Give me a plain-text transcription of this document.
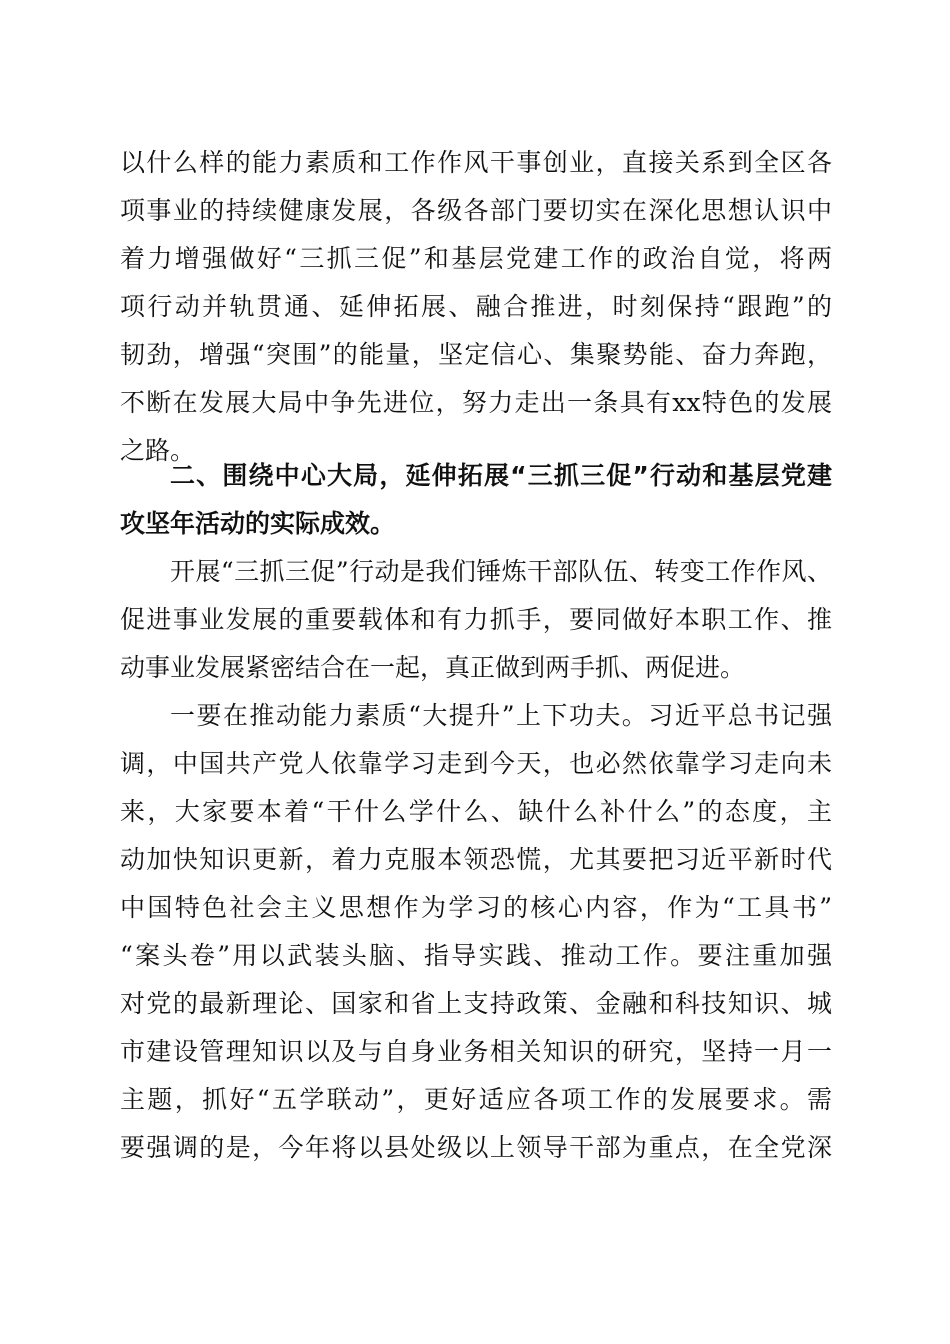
以什么样的能力素质和工作作风干事创业，直接关系到全区各
项事业的持续健康发展，各级各部门要切实在深化思想认识中
着力增强做好“三抓三促”和基层党建工作的政治自觉，将两
项行动并轨贯通、延伸拓展、融合推进，时刻保持“跟跑”的
韧劲，增强“突围”的能量，坚定信心、集聚势能、奋力奔跑，
不断在发展大局中争先进位，努力走出一条具有xx特色的发展
之路。
二、围绕中心大局，延伸拓展“三抓三促”行动和基层党建
攻坚年活动的实际成效。
开展“三抓三促”行动是我们锤炼干部队伍、转变工作作风、
促进事业发展的重要载体和有力抓手，要同做好本职工作、推
动事业发展紧密结合在一起，真正做到两手抓、两促进。
一要在推动能力素质“大提升”上下功夫。习近平总书记强
调，中国共产党人依靠学习走到今天，也必然依靠学习走向未
来，大家要本着“干什么学什么、缺什么补什么”的态度，主
动加快知识更新，着力克服本领恐慌，尤其要把习近平新时代
中国特色社会主义思想作为学习的核心内容，作为“工具书”
“案头卷”用以武装头脑、指导实践、推动工作。要注重加强
对党的最新理论、国家和省上支持政策、金融和科技知识、城
市建设管理知识以及与自身业务相关知识的研究，坚持一月一
主题，抓好“五学联动”，更好适应各项工作的发展要求。需
要强调的是，今年将以县处级以上领导干部为重点，在全党深
